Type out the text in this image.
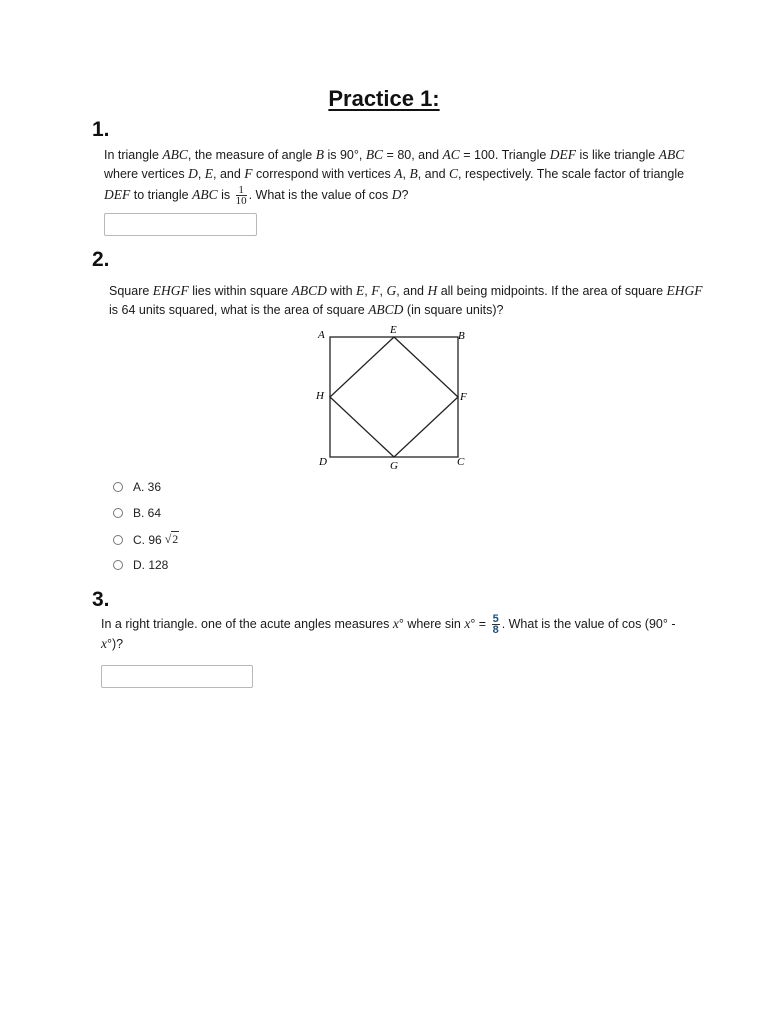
Practice 1:
1.
In triangle ABC, the measure of angle B is 90°, BC = 80, and AC = 100. Triangle DEF is like triangle ABC
where vertices D, E, and F correspond with vertices A, B, and C, respectively. The scale factor of triangle
DEF to triangle ABC is $\frac{1}{10}$ . What is the value of cos D?
2.
Square EHGF lies within square ABCD with E, F, G, and H all being midpoints. If the area of square EHGF
is 64 units squared, what is the area of square ABCD (in square units)?
A	E	B
H	F
D	G	C
A. 36
B. 64
C. 96 √2
D. 128
3.
In a right triangle. one of the acute angles measures x° where $\sin x^\circ = \frac{5}{8}$ . What is the value of cos (90° -
x°)?
